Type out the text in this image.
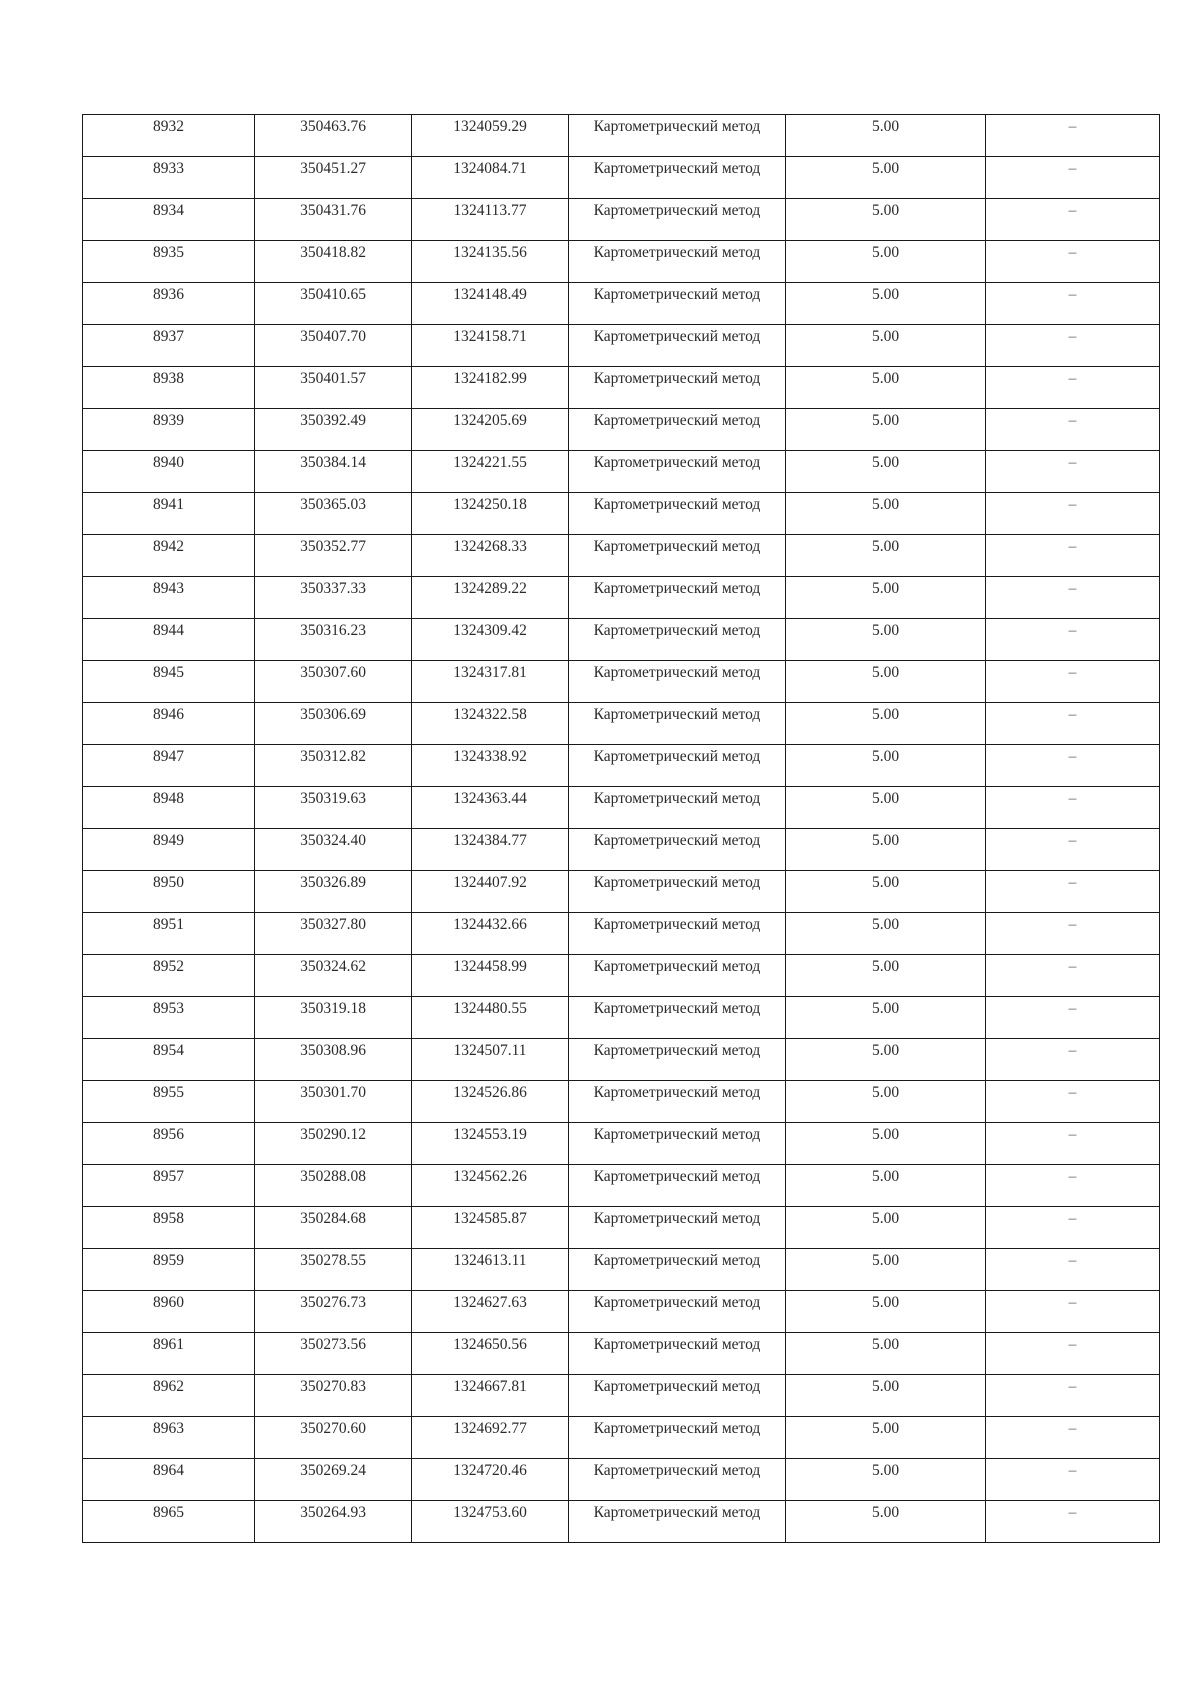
8932	350463.76	1324059.29	Картометрический метод	5.00	–
8933	350451.27	1324084.71	Картометрический метод	5.00	–
8934	350431.76	1324113.77	Картометрический метод	5.00	–
8935	350418.82	1324135.56	Картометрический метод	5.00	–
8936	350410.65	1324148.49	Картометрический метод	5.00	–
8937	350407.70	1324158.71	Картометрический метод	5.00	–
8938	350401.57	1324182.99	Картометрический метод	5.00	–
8939	350392.49	1324205.69	Картометрический метод	5.00	–
8940	350384.14	1324221.55	Картометрический метод	5.00	–
8941	350365.03	1324250.18	Картометрический метод	5.00	–
8942	350352.77	1324268.33	Картометрический метод	5.00	–
8943	350337.33	1324289.22	Картометрический метод	5.00	–
8944	350316.23	1324309.42	Картометрический метод	5.00	–
8945	350307.60	1324317.81	Картометрический метод	5.00	–
8946	350306.69	1324322.58	Картометрический метод	5.00	–
8947	350312.82	1324338.92	Картометрический метод	5.00	–
8948	350319.63	1324363.44	Картометрический метод	5.00	–
8949	350324.40	1324384.77	Картометрический метод	5.00	–
8950	350326.89	1324407.92	Картометрический метод	5.00	–
8951	350327.80	1324432.66	Картометрический метод	5.00	–
8952	350324.62	1324458.99	Картометрический метод	5.00	–
8953	350319.18	1324480.55	Картометрический метод	5.00	–
8954	350308.96	1324507.11	Картометрический метод	5.00	–
8955	350301.70	1324526.86	Картометрический метод	5.00	–
8956	350290.12	1324553.19	Картометрический метод	5.00	–
8957	350288.08	1324562.26	Картометрический метод	5.00	–
8958	350284.68	1324585.87	Картометрический метод	5.00	–
8959	350278.55	1324613.11	Картометрический метод	5.00	–
8960	350276.73	1324627.63	Картометрический метод	5.00	–
8961	350273.56	1324650.56	Картометрический метод	5.00	–
8962	350270.83	1324667.81	Картометрический метод	5.00	–
8963	350270.60	1324692.77	Картометрический метод	5.00	–
8964	350269.24	1324720.46	Картометрический метод	5.00	–
8965	350264.93	1324753.60	Картометрический метод	5.00	–
